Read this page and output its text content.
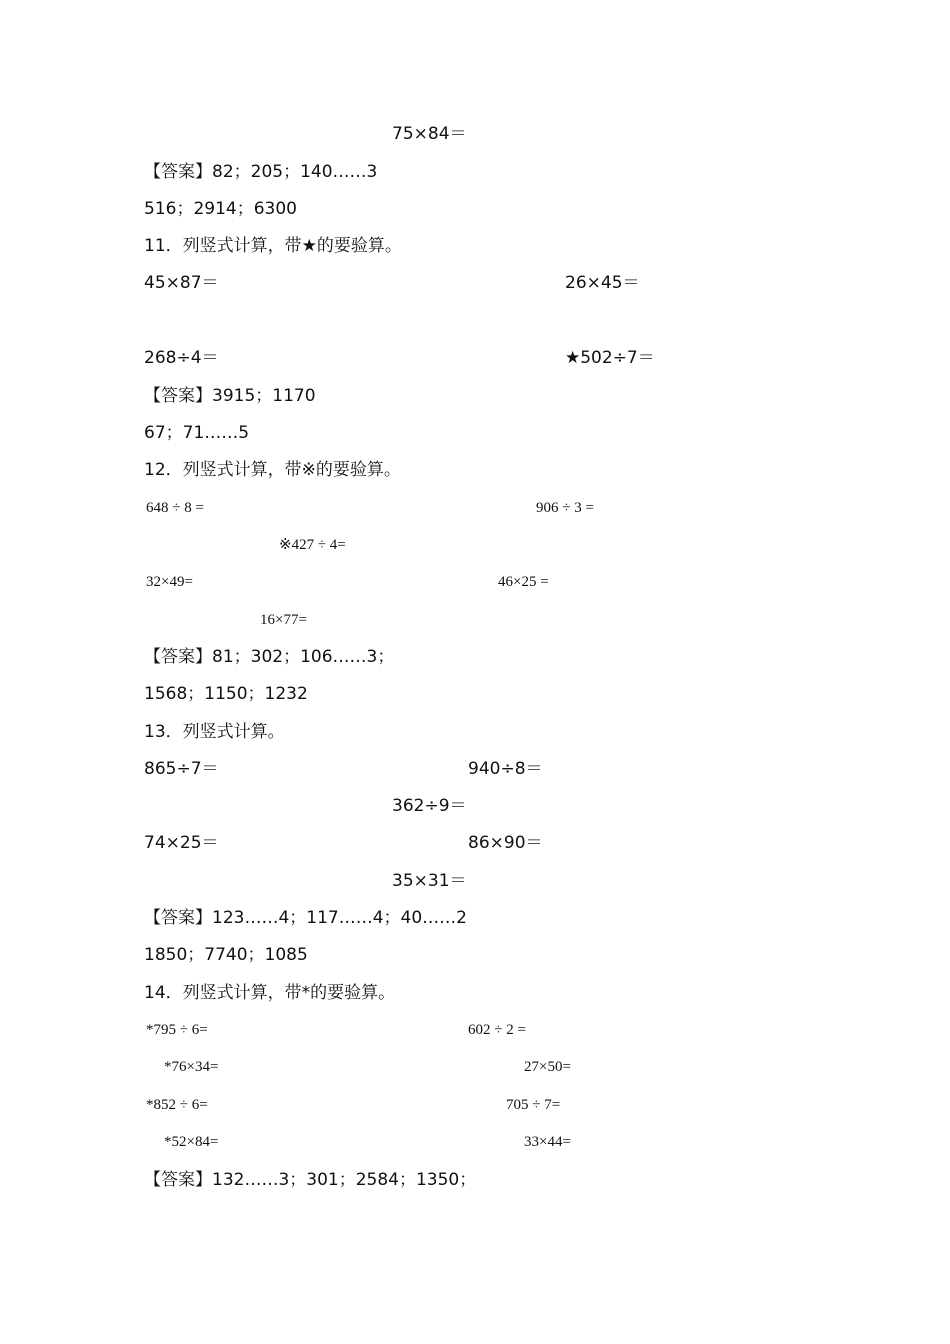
75×84＝
【答案】82；205；140……3
516；2914；6300
11．列竖式计算，带★的要验算。
45×87＝	26×45＝
268÷4＝	★502÷7＝
【答案】3915；1170
67；71……5
12．列竖式计算，带※的要验算。
648 ÷ 8 =	906 ÷ 3 =
※427 ÷ 4=
32×49=	46×25 =
16×77=
【答案】81；302；106……3；
1568；1150；1232
13．列竖式计算。
865÷7＝	940÷8＝
362÷9＝
74×25＝	86×90＝
35×31＝
【答案】123……4；117……4；40……2
1850；7740；1085
14．列竖式计算，带*的要验算。
*795 ÷ 6=	602 ÷ 2 =
*76×34=	27×50=
*852 ÷ 6=	705 ÷ 7=
*52×84=	33×44=
【答案】132……3；301；2584；1350；
